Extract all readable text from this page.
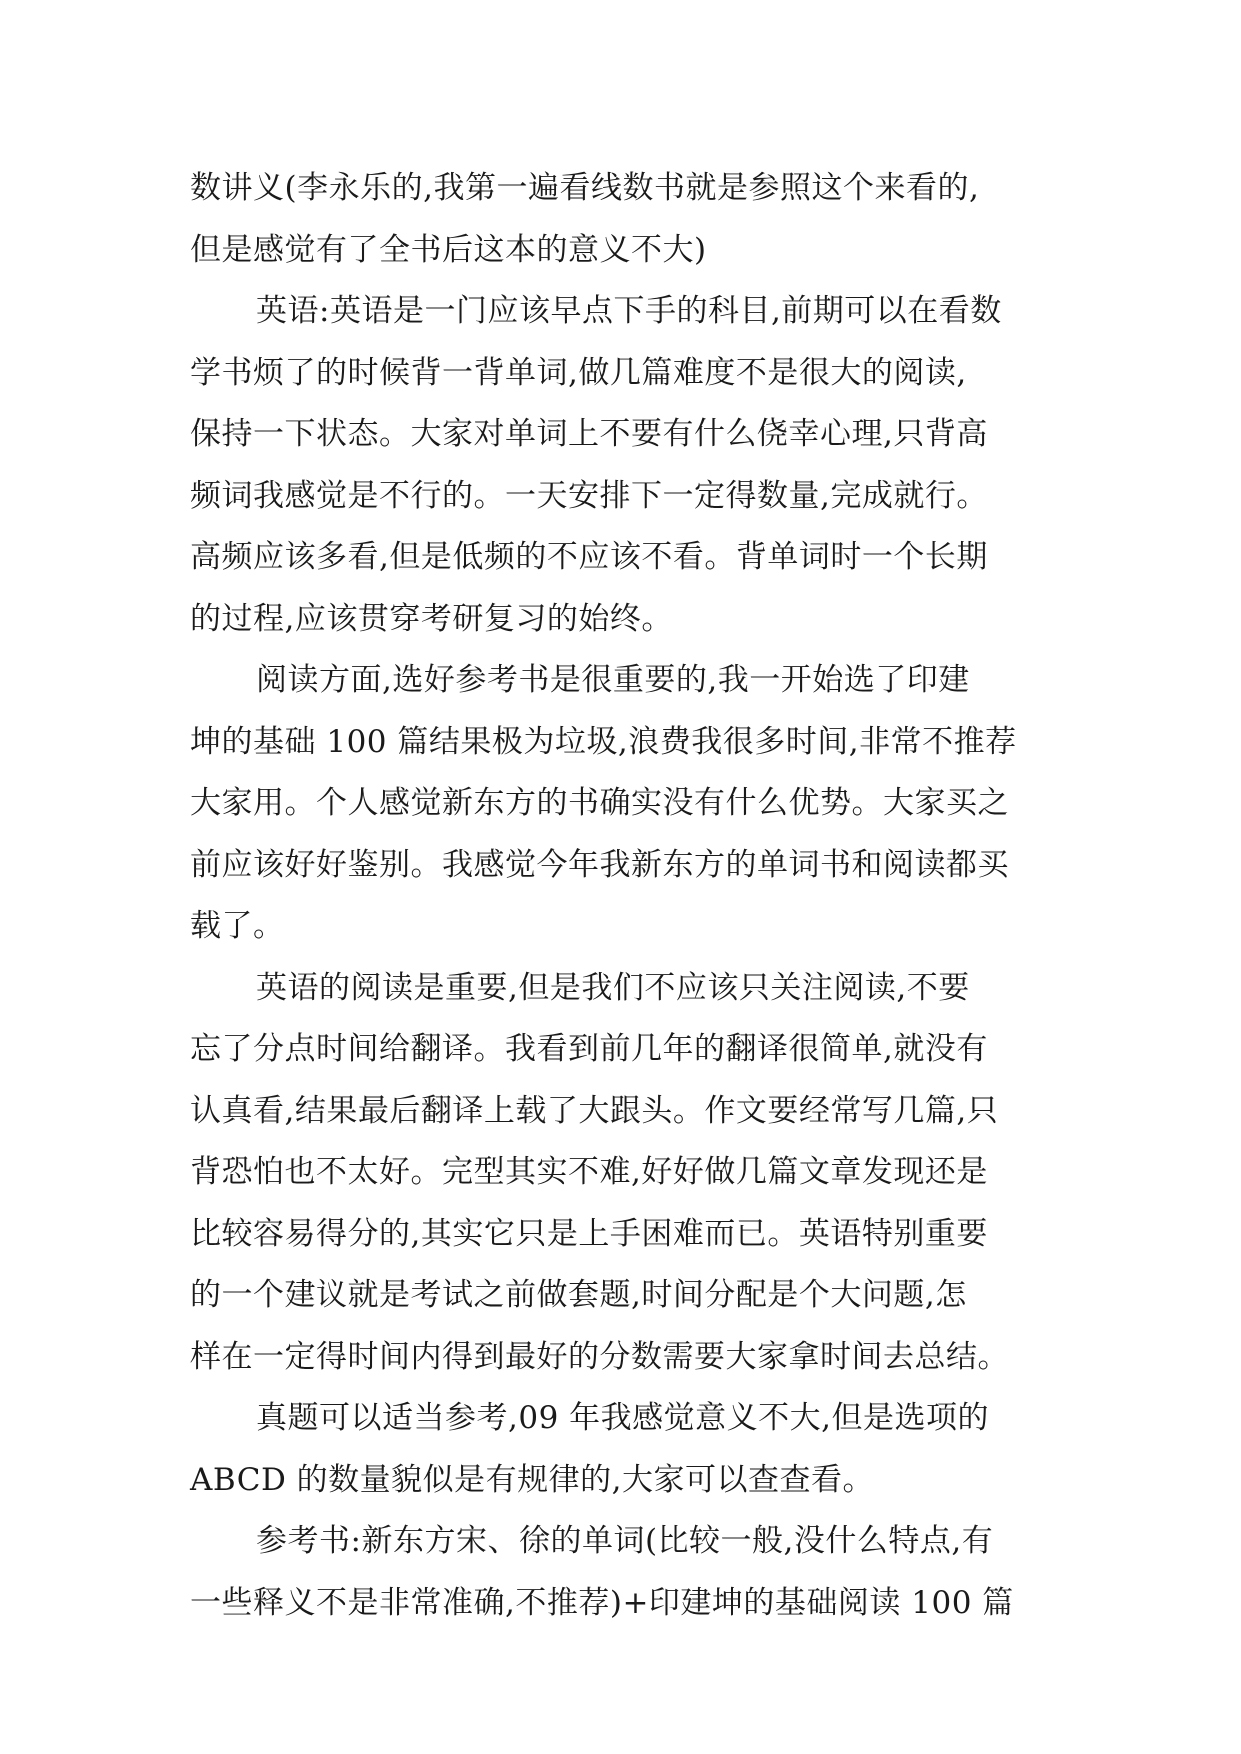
数讲义(李永乐的,我第一遍看线数书就是参照这个来看的,
但是感觉有了全书后这本的意义不大)
英语:英语是一门应该早点下手的科目,前期可以在看数
学书烦了的时候背一背单词,做几篇难度不是很大的阅读,
保持一下状态。大家对单词上不要有什么侥幸心理,只背高
频词我感觉是不行的。一天安排下一定得数量,完成就行。
高频应该多看,但是低频的不应该不看。背单词时一个长期
的过程,应该贯穿考研复习的始终。
阅读方面,选好参考书是很重要的,我一开始选了印建
坤的基础 100 篇结果极为垃圾,浪费我很多时间,非常不推荐
大家用。个人感觉新东方的书确实没有什么优势。大家买之
前应该好好鉴别。我感觉今年我新东方的单词书和阅读都买
载了。
英语的阅读是重要,但是我们不应该只关注阅读,不要
忘了分点时间给翻译。我看到前几年的翻译很简单,就没有
认真看,结果最后翻译上载了大跟头。作文要经常写几篇,只
背恐怕也不太好。完型其实不难,好好做几篇文章发现还是
比较容易得分的,其实它只是上手困难而已。英语特别重要
的一个建议就是考试之前做套题,时间分配是个大问题,怎
样在一定得时间内得到最好的分数需要大家拿时间去总结。
真题可以适当参考,09 年我感觉意义不大,但是选项的
ABCD 的数量貌似是有规律的,大家可以查查看。
参考书:新东方宋、徐的单词(比较一般,没什么特点,有
一些释义不是非常准确,不推荐)+印建坤的基础阅读 100 篇
